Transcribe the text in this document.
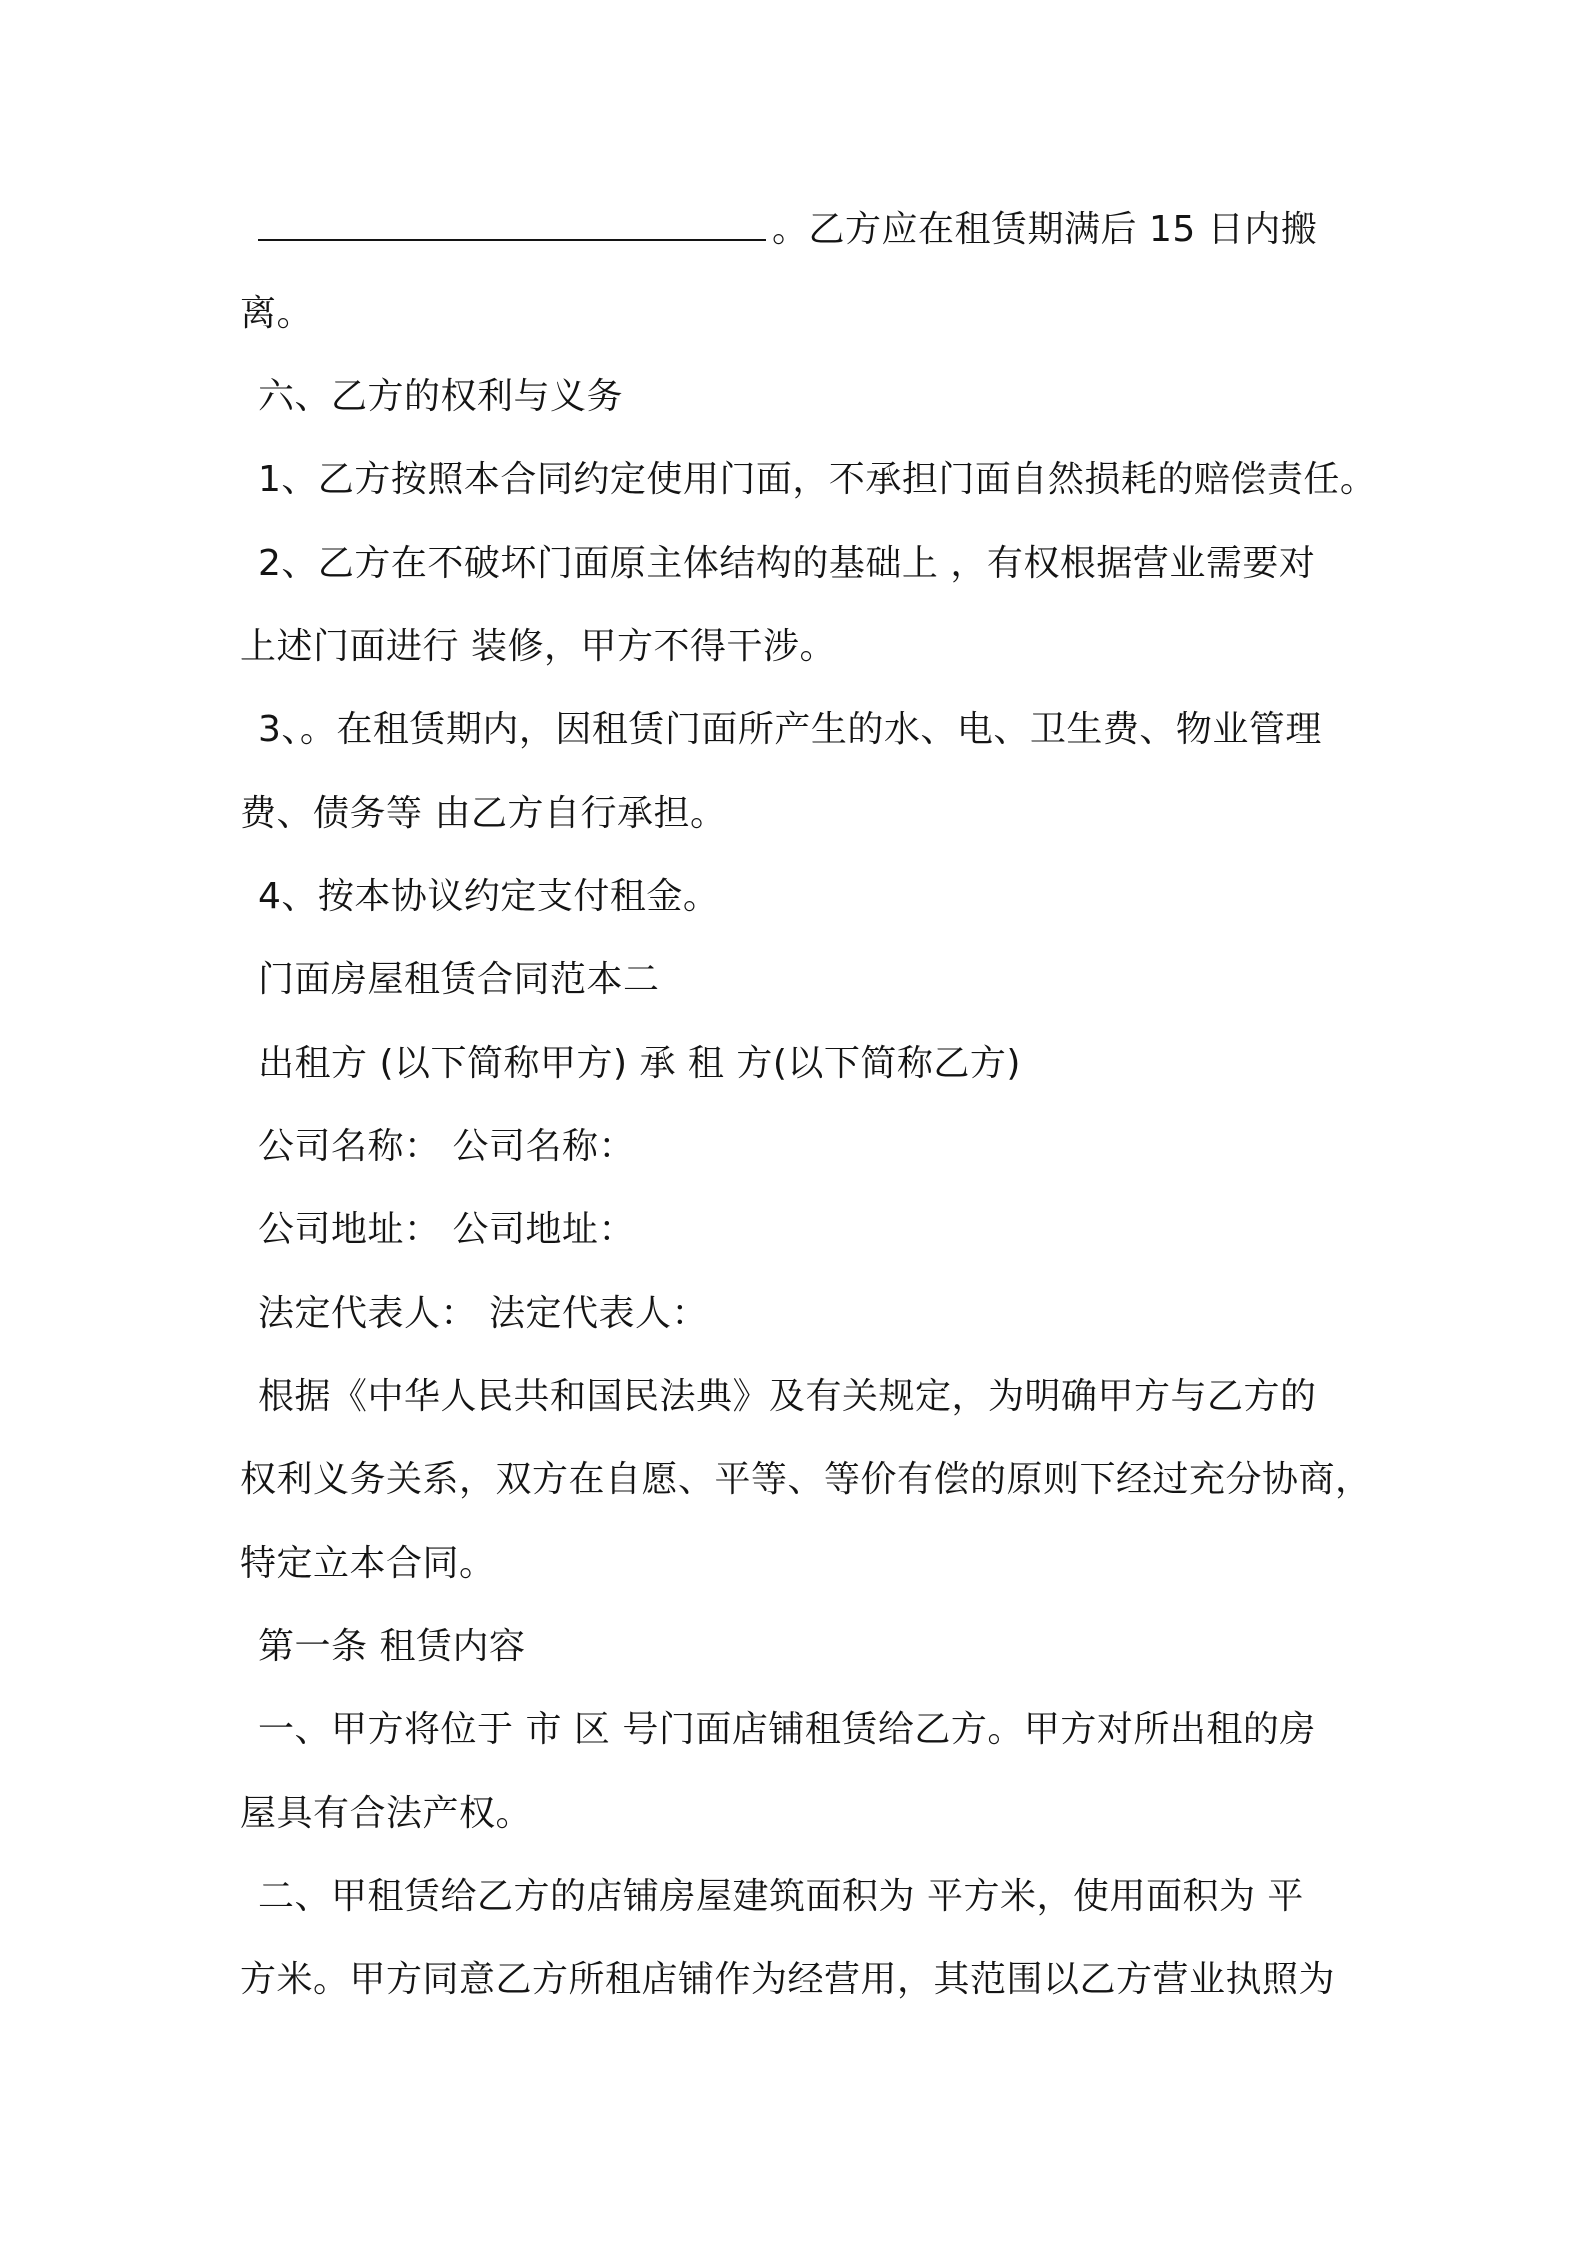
。乙方应在租赁期满后 15 日内搬
离。
六、乙方的权利与义务
1、乙方按照本合同约定使用门面，不承担门面自然损耗的赔偿责任。
2、乙方在不破坏门面原主体结构的基础上 ，有权根据营业需要对
上述门面进行 装修，甲方不得干涉。
3、。在租赁期内，因租赁门面所产生的水、电、卫生费、物业管理
费、债务等 由乙方自行承担。
4、按本协议约定支付租金。
门面房屋租赁合同范本二
出租方 (以下简称甲方) 承 租 方(以下简称乙方)
公司名称： 公司名称：
公司地址： 公司地址：
法定代表人： 法定代表人：
根据《中华人民共和国民法典》及有关规定，为明确甲方与乙方的
权利义务关系，双方在自愿、平等、等价有偿的原则下经过充分协商，
特定立本合同。
第一条 租赁内容
一、甲方将位于 市 区 号门面店铺租赁给乙方。甲方对所出租的房
屋具有合法产权。
二、甲租赁给乙方的店铺房屋建筑面积为 平方米，使用面积为 平
方米。甲方同意乙方所租店铺作为经营用，其范围以乙方营业执照为
